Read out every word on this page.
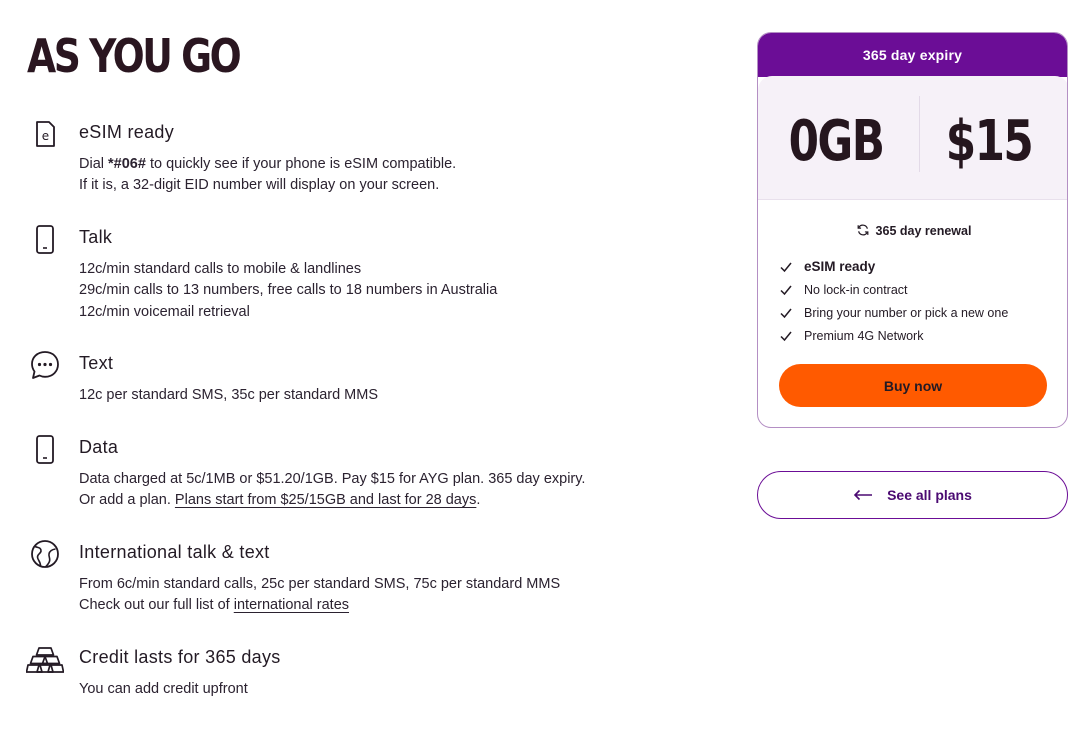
AS YOU GO
e eSIM ready
Dial *#06# to quickly see if your phone is eSIM compatible.
If it is, a 32-digit EID number will display on your screen.
Talk
12c/min standard calls to mobile & landlines
29c/min calls to 13 numbers, free calls to 18 numbers in Australia
12c/min voicemail retrieval
Text
12c per standard SMS, 35c per standard MMS
Data
Data charged at 5c/1MB or $51.20/1GB. Pay $15 for AYG plan. 365 day expiry.
Or add a plan. Plans start from $25/15GB and last for 28 days.
International talk & text
From 6c/min standard calls, 25c per standard SMS, 75c per standard MMS
Check out our full list of international rates
Credit lasts for 365 days
You can add credit upfront
365 day expiry
0GB $15
365 day renewal
eSIM ready
No lock-in contract
Bring your number or pick a new one
Premium 4G Network
Buy now
See all plans
